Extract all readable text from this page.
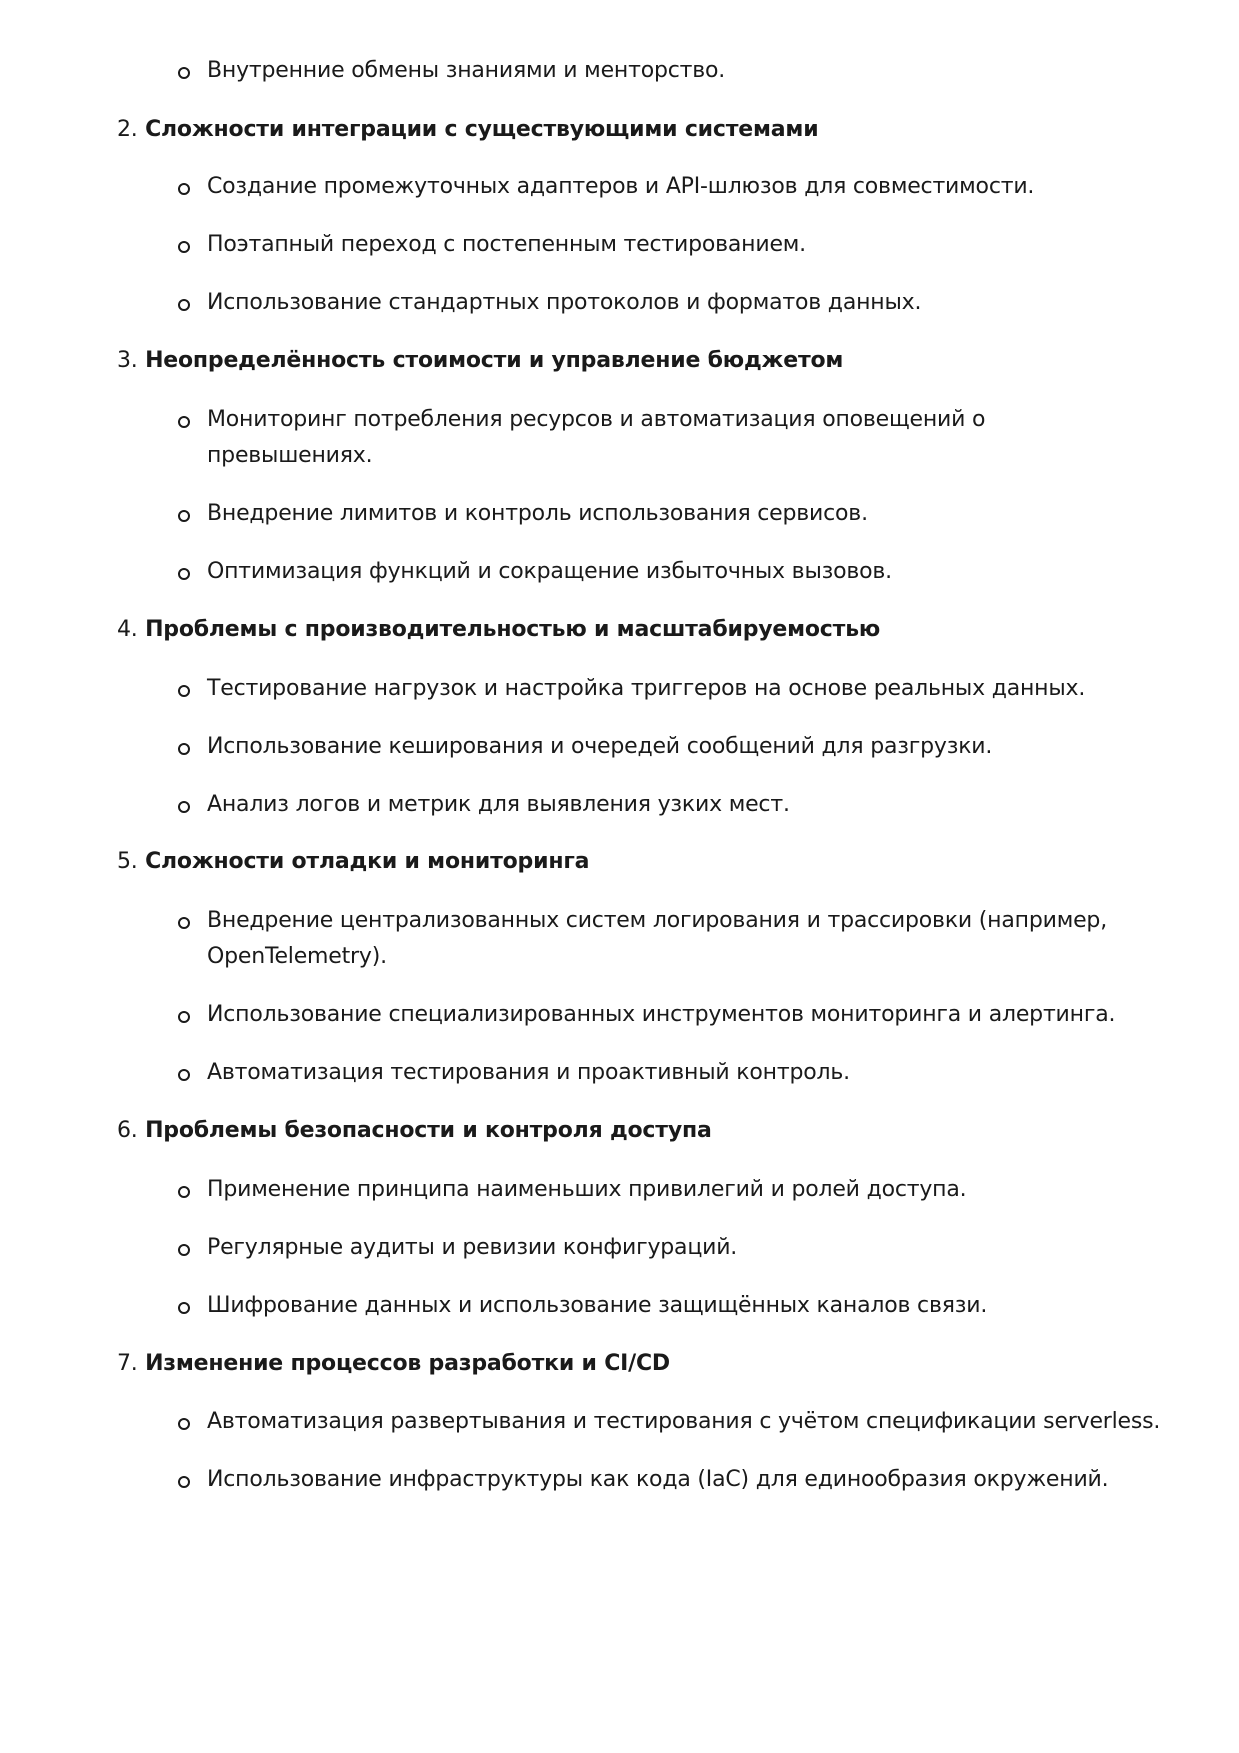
Внутренние обмены знаниями и менторство.
2. Сложности интеграции с существующими системами
Создание промежуточных адаптеров и API-шлюзов для совместимости.
Поэтапный переход с постепенным тестированием.
Использование стандартных протоколов и форматов данных.
3. Неопределённость стоимости и управление бюджетом
Мониторинг потребления ресурсов и автоматизация оповещений о
превышениях.
Внедрение лимитов и контроль использования сервисов.
Оптимизация функций и сокращение избыточных вызовов.
4. Проблемы с производительностью и масштабируемостью
Тестирование нагрузок и настройка триггеров на основе реальных данных.
Использование кеширования и очередей сообщений для разгрузки.
Анализ логов и метрик для выявления узких мест.
5. Сложности отладки и мониторинга
Внедрение централизованных систем логирования и трассировки (например,
OpenTelemetry).
Использование специализированных инструментов мониторинга и алертинга.
Автоматизация тестирования и проактивный контроль.
6. Проблемы безопасности и контроля доступа
Применение принципа наименьших привилегий и ролей доступа.
Регулярные аудиты и ревизии конфигураций.
Шифрование данных и использование защищённых каналов связи.
7. Изменение процессов разработки и CI/CD
Автоматизация развертывания и тестирования с учётом спецификации serverless.
Использование инфраструктуры как кода (IaC) для единообразия окружений.
